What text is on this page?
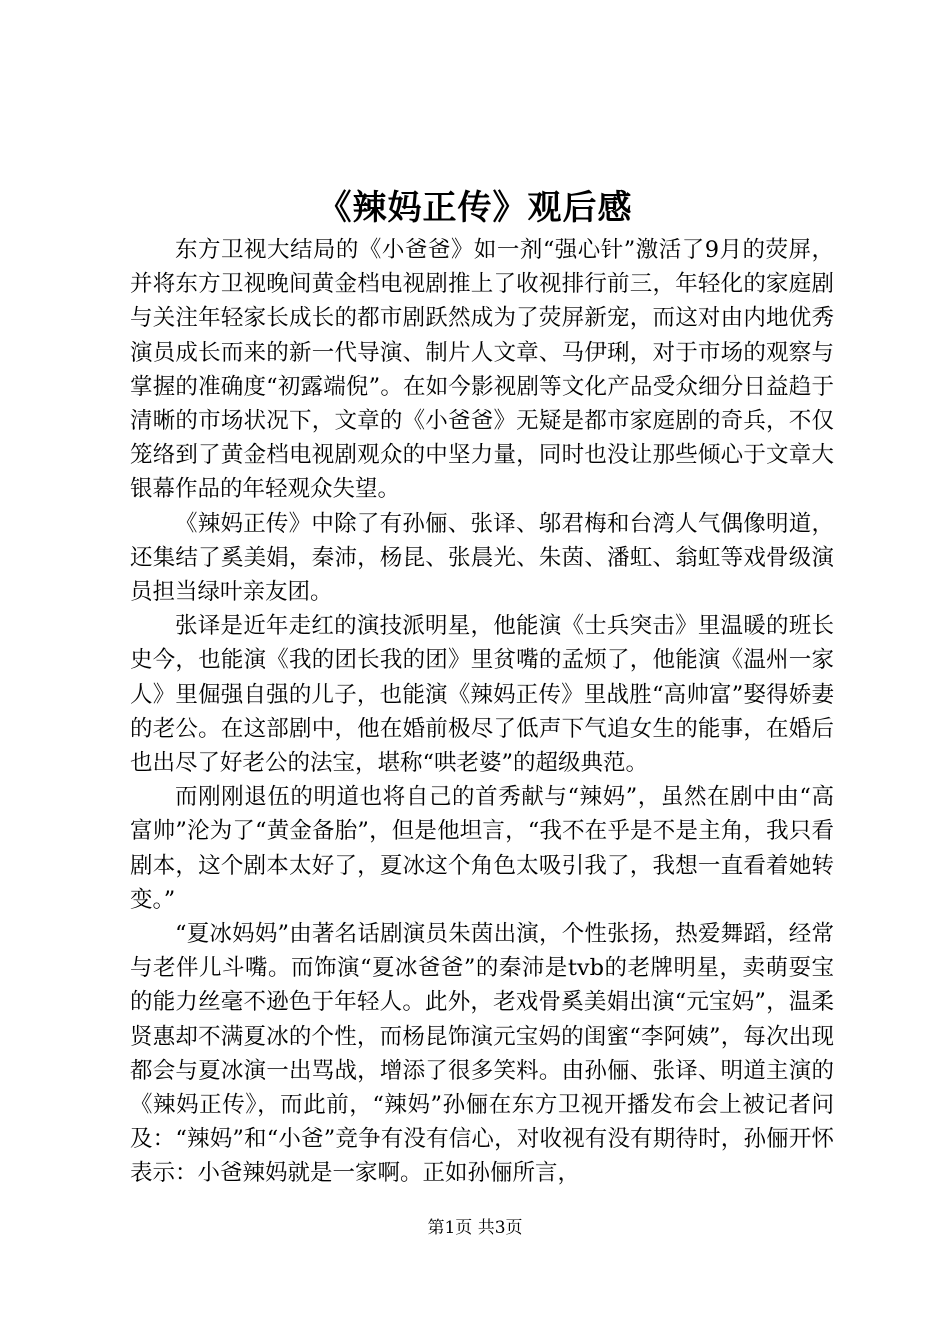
《辣妈正传》观后感

东方卫视大结局的《小爸爸》如一剂“强心针”激活了9月的荧屏，并将东方卫视晚间黄金档电视剧推上了收视排行前三，年轻化的家庭剧与关注年轻家长成长的都市剧跃然成为了荧屏新宠，而这对由内地优秀演员成长而来的新一代导演、制片人文章、马伊琍，对于市场的观察与掌握的准确度“初露端倪”。在如今影视剧等文化产品受众细分日益趋于清晰的市场状况下，文章的《小爸爸》无疑是都市家庭剧的奇兵，不仅笼络到了黄金档电视剧观众的中坚力量，同时也没让那些倾心于文章大银幕作品的年轻观众失望。

《辣妈正传》中除了有孙俪、张译、邬君梅和台湾人气偶像明道，还集结了奚美娟，秦沛，杨昆、张晨光、朱茵、潘虹、翁虹等戏骨级演员担当绿叶亲友团。

张译是近年走红的演技派明星，他能演《士兵突击》里温暖的班长史今，也能演《我的团长我的团》里贫嘴的孟烦了，他能演《温州一家人》里倔强自强的儿子，也能演《辣妈正传》里战胜“高帅富”娶得娇妻的老公。在这部剧中，他在婚前极尽了低声下气追女生的能事，在婚后也出尽了好老公的法宝，堪称“哄老婆”的超级典范。

而刚刚退伍的明道也将自己的首秀献与“辣妈”，虽然在剧中由“高富帅”沦为了“黄金备胎”，但是他坦言，“我不在乎是不是主角，我只看剧本，这个剧本太好了，夏冰这个角色太吸引我了，我想一直看着她转变。”

“夏冰妈妈”由著名话剧演员朱茵出演，个性张扬，热爱舞蹈，经常与老伴儿斗嘴。而饰演“夏冰爸爸”的秦沛是tvb的老牌明星，卖萌耍宝的能力丝毫不逊色于年轻人。此外，老戏骨奚美娟出演“元宝妈”，温柔贤惠却不满夏冰的个性，而杨昆饰演元宝妈的闺蜜“李阿姨”，每次出现都会与夏冰演一出骂战，增添了很多笑料。由孙俪、张译、明道主演的《辣妈正传》，而此前，“辣妈”孙俪在东方卫视开播发布会上被记者问及：“辣妈”和“小爸”竞争有没有信心，对收视有没有期待时，孙俪开怀表示：小爸辣妈就是一家啊。正如孙俪所言，

第1页 共3页
